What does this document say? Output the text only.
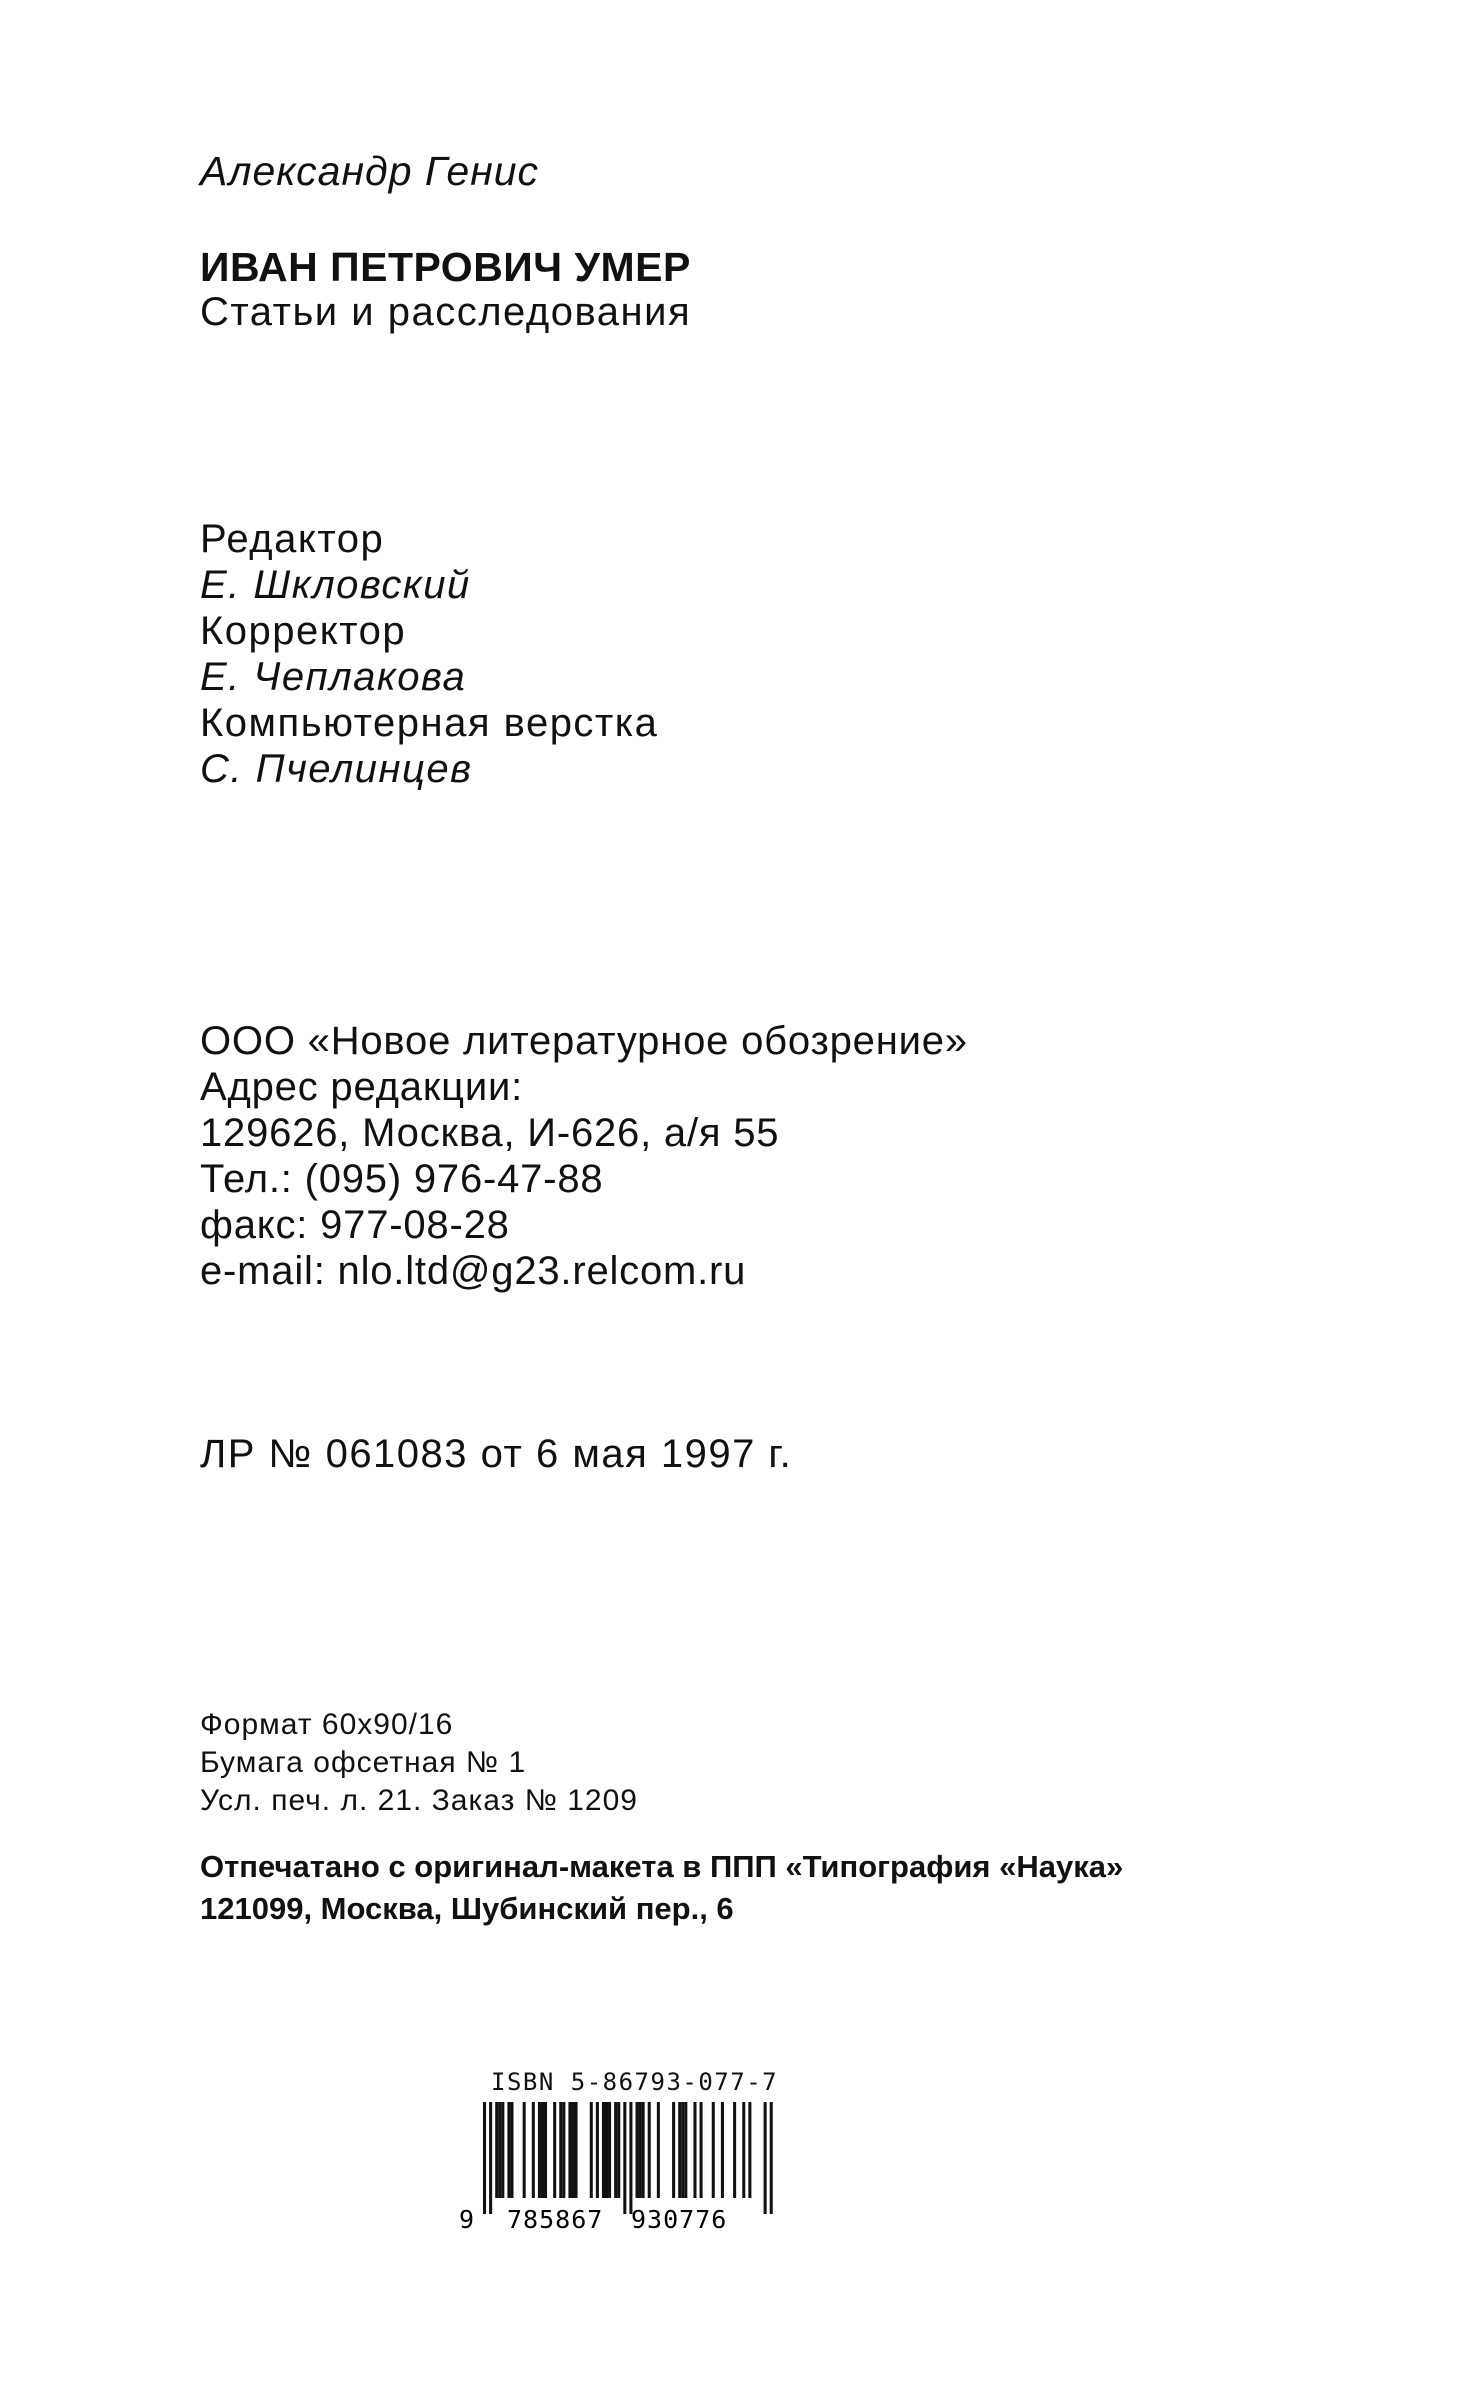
Александр Генис
ИВАН ПЕТРОВИЧ УМЕР
Статьи и расследования
Редактор
Е. Шкловский
Корректор
Е. Чеплакова
Компьютерная верстка
С. Пчелинцев
ООО «Новое литературное обозрение»
Адрес редакции:
129626, Москва, И-626, а/я 55
Тел.: (095) 976-47-88
факс: 977-08-28
e-mail: nlo.ltd@g23.relcom.ru
ЛР № 061083 от 6 мая 1997 г.
Формат 60x90/16
Бумага офсетная № 1
Усл. печ. л. 21. Заказ № 1209
Отпечатано с оригинал-макета в ППП «Типография «Наука»
121099, Москва, Шубинский пер., 6
ISBN 5-86793-077-7
9 785867 930776
